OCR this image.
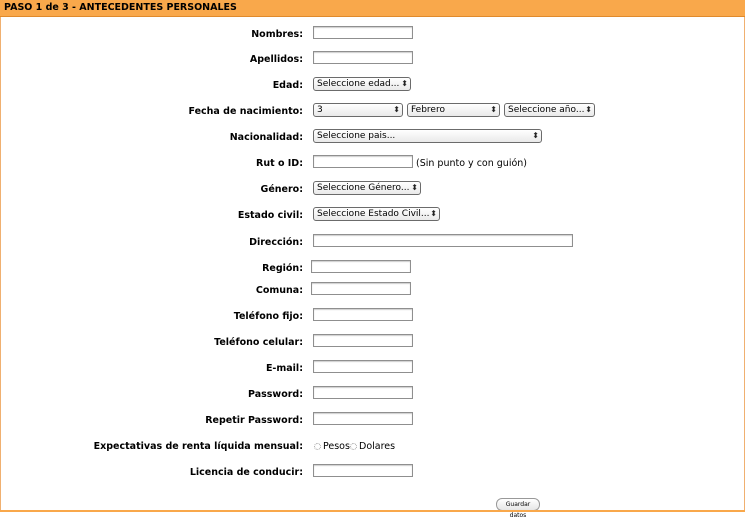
PASO 1 de 3 - ANTECEDENTES PERSONALES
Nombres:
Apellidos:
Edad:	Seleccione edad... ⬍
Fecha de nacimiento:	3	⬍	Febrero	⬍	Seleccione año... ⬍
Nacionalidad:	Seleccione pais...	⬍
Rut o ID:	(Sin punto y con guión)
Género:	Seleccione Género... ⬍
Estado civil:	Seleccione Estado Civil... ⬍
Dirección:
Región:
Comuna:
Teléfono fijo:
Teléfono celular:
E-mail:
Password:
Repetir Password:
Expectativas de renta líquida mensual: Pesos Dolares
Licencia de conducir:
Guardar datos
